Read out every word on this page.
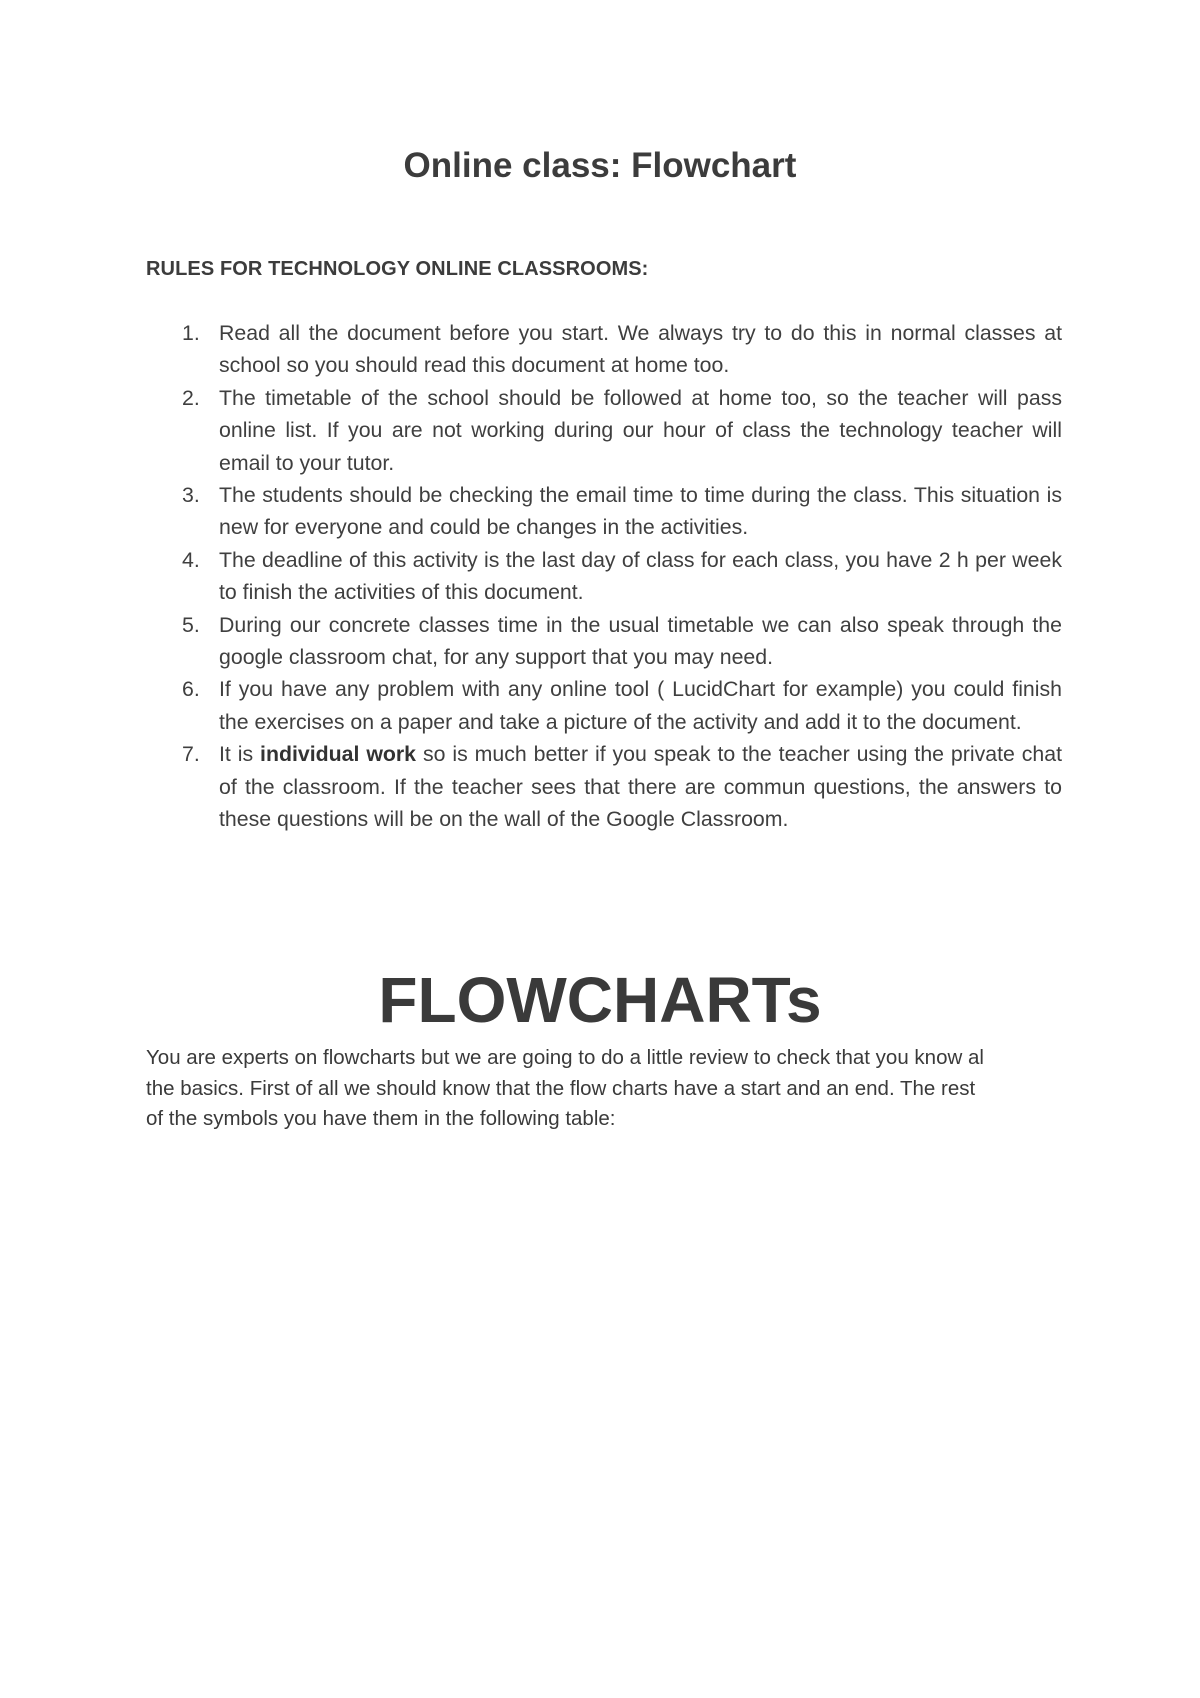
Online class: Flowchart
RULES FOR TECHNOLOGY ONLINE CLASSROOMS:
1. Read all the document before you start. We always try to do this in normal classes at school so you should read this document at home too.
2. The timetable of the school should be followed at home too, so the teacher will pass online list. If you are not working during our hour of class the technology teacher will email to your tutor.
3. The students should be checking the email time to time during the class. This situation is new for everyone and could be changes in the activities.
4. The deadline of this activity is the last day of class for each class, you have 2 h per week to finish the activities of this document.
5. During our concrete classes time in the usual timetable we can also speak through the google classroom chat, for any support that you may need.
6. If you have any problem with any online tool ( LucidChart for example) you could finish the exercises on a paper and take a picture of the activity and add it to the document.
7. It is individual work so is much better if you speak to the teacher using the private chat of the classroom. If the teacher sees that there are commun questions, the answers to these questions will be on the wall of the Google Classroom.
FLOWCHARTs

You are experts on flowcharts but we are going to do a little review to check that you know al
the basics. First of all we should know that the flow charts have a start and an end. The rest
of the symbols you have them in the following table:
